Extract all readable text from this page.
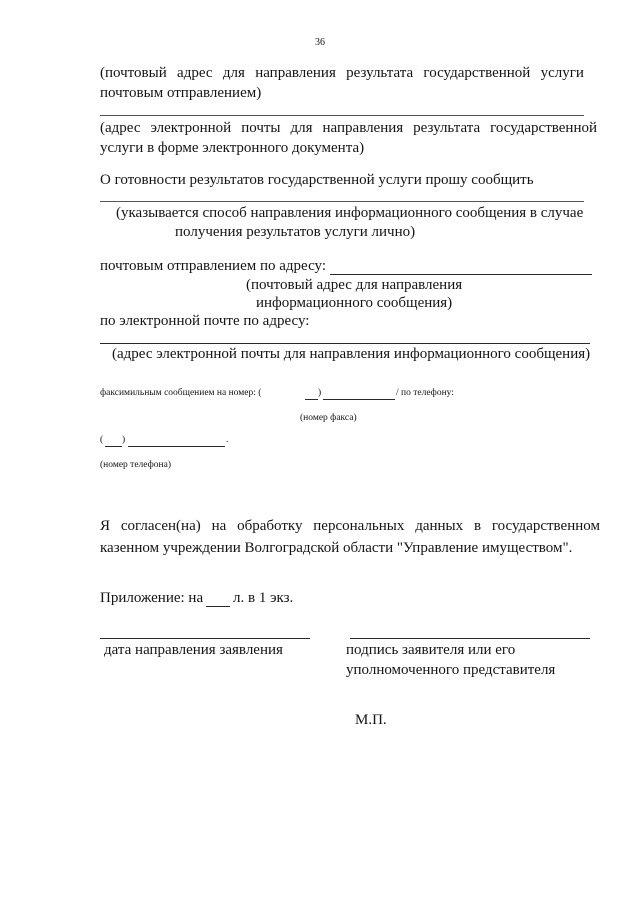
36
(почтовый адрес для направления результата государственной услуги
почтовым отправлением)
(адрес электронной почты для направления результата государственной
услуги в форме электронного документа)
О готовности результатов государственной услуги прошу сообщить
(указывается способ направления информационного сообщения в случае
получения результатов услуги лично)
почтовым отправлением по адресу:
(почтовый адрес для направления
информационного сообщения)
по электронной почте по адресу:
(адрес электронной почты для направления информационного сообщения)
факсимильным сообщением на номер: (	)	/ по телефону:
(номер факса)
( )	.
(номер телефона)
Я согласен(на) на обработку персональных данных в государственном
казенном учреждении Волгоградской области "Управление имуществом".
Приложение: на л. в 1 экз.
дата направления заявления	подпись заявителя или его
уполномоченного представителя
М.П.
